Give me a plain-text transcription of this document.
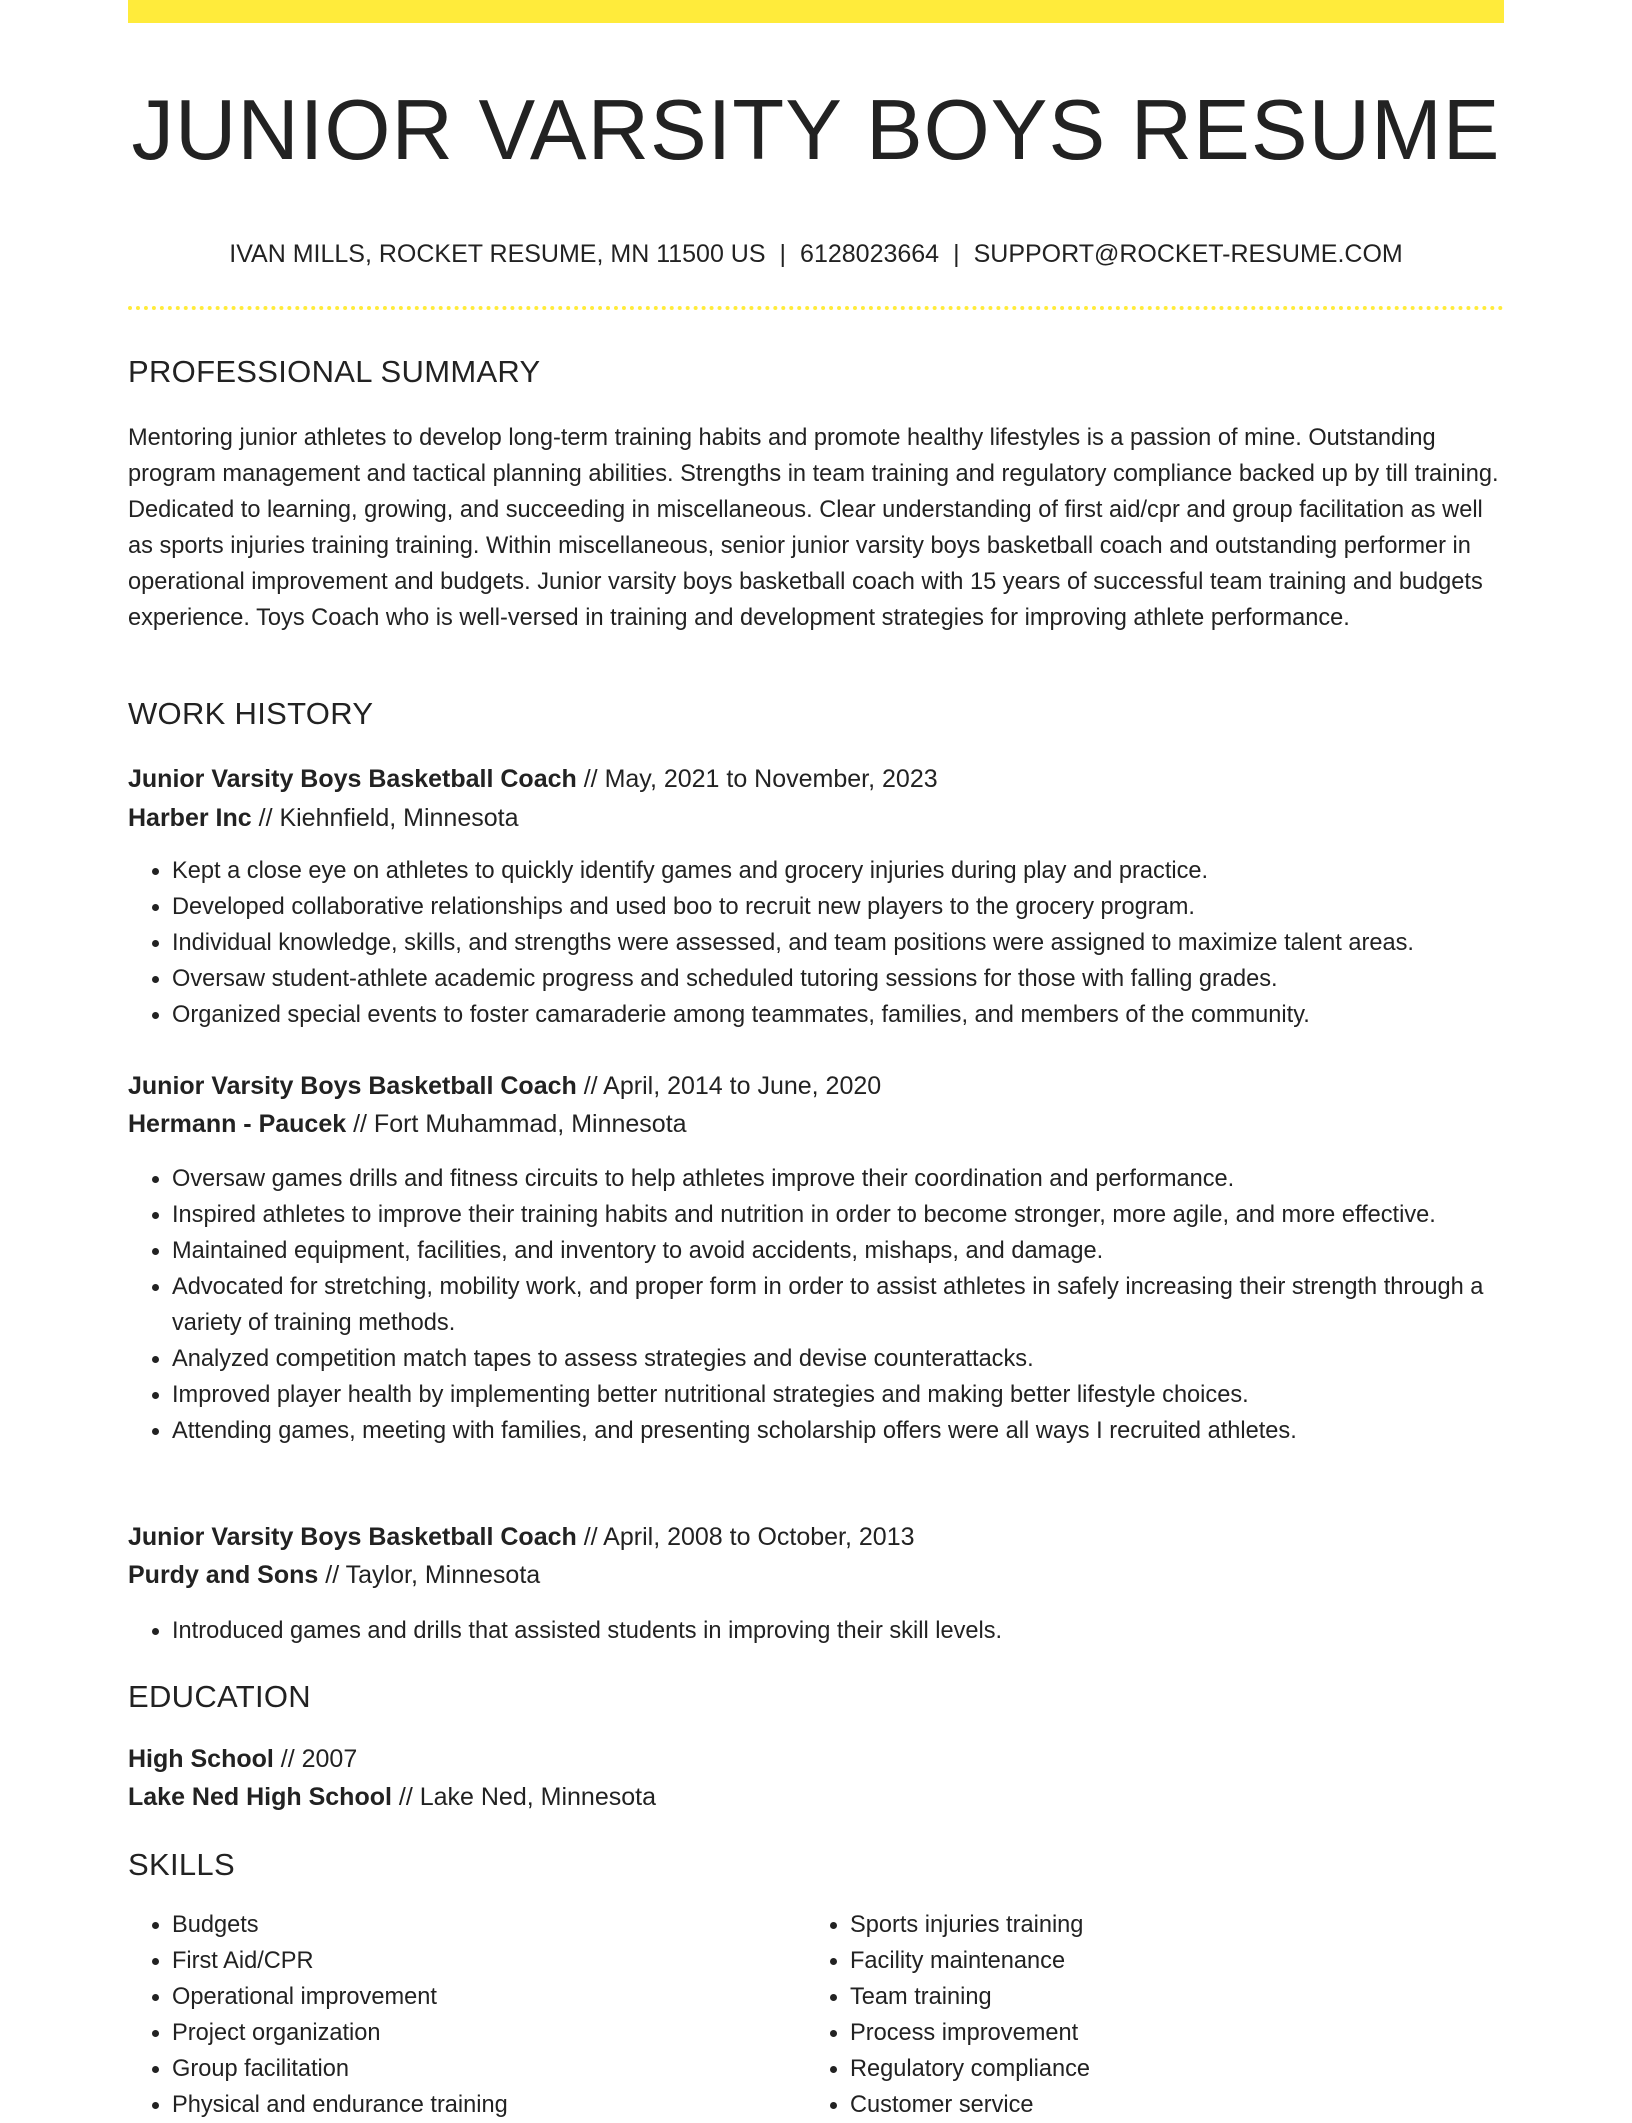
JUNIOR VARSITY BOYS RESUME
IVAN MILLS, ROCKET RESUME, MN 11500 US | 6128023664 | SUPPORT@ROCKET-RESUME.COM
PROFESSIONAL SUMMARY

Mentoring junior athletes to develop long-term training habits and promote healthy lifestyles is a passion of mine. Outstanding program management and tactical planning abilities. Strengths in team training and regulatory compliance backed up by till training. Dedicated to learning, growing, and succeeding in miscellaneous. Clear understanding of first aid/cpr and group facilitation as well as sports injuries training training. Within miscellaneous, senior junior varsity boys basketball coach and outstanding performer in operational improvement and budgets. Junior varsity boys basketball coach with 15 years of successful team training and budgets experience. Toys Coach who is well-versed in training and development strategies for improving athlete performance.

WORK HISTORY
Junior Varsity Boys Basketball Coach // May, 2021 to November, 2023
Harber Inc // Kiehnfield, Minnesota
• Kept a close eye on athletes to quickly identify games and grocery injuries during play and practice.
• Developed collaborative relationships and used boo to recruit new players to the grocery program.
• Individual knowledge, skills, and strengths were assessed, and team positions were assigned to maximize talent areas.
• Oversaw student-athlete academic progress and scheduled tutoring sessions for those with falling grades.
• Organized special events to foster camaraderie among teammates, families, and members of the community.
Junior Varsity Boys Basketball Coach // April, 2014 to June, 2020
Hermann - Paucek // Fort Muhammad, Minnesota
• Oversaw games drills and fitness circuits to help athletes improve their coordination and performance.
• Inspired athletes to improve their training habits and nutrition in order to become stronger, more agile, and more effective.
• Maintained equipment, facilities, and inventory to avoid accidents, mishaps, and damage.
• Advocated for stretching, mobility work, and proper form in order to assist athletes in safely increasing their strength through a variety of training methods.
• Analyzed competition match tapes to assess strategies and devise counterattacks.
• Improved player health by implementing better nutritional strategies and making better lifestyle choices.
• Attending games, meeting with families, and presenting scholarship offers were all ways I recruited athletes.
Junior Varsity Boys Basketball Coach // April, 2008 to October, 2013
Purdy and Sons // Taylor, Minnesota
• Introduced games and drills that assisted students in improving their skill levels.
EDUCATION
High School // 2007
Lake Ned High School // Lake Ned, Minnesota
SKILLS
• Budgets
• First Aid/CPR
• Operational improvement
• Project organization
• Group facilitation
• Physical and endurance training
• Sports injuries training
• Facility maintenance
• Team training
• Process improvement
• Regulatory compliance
• Customer service
